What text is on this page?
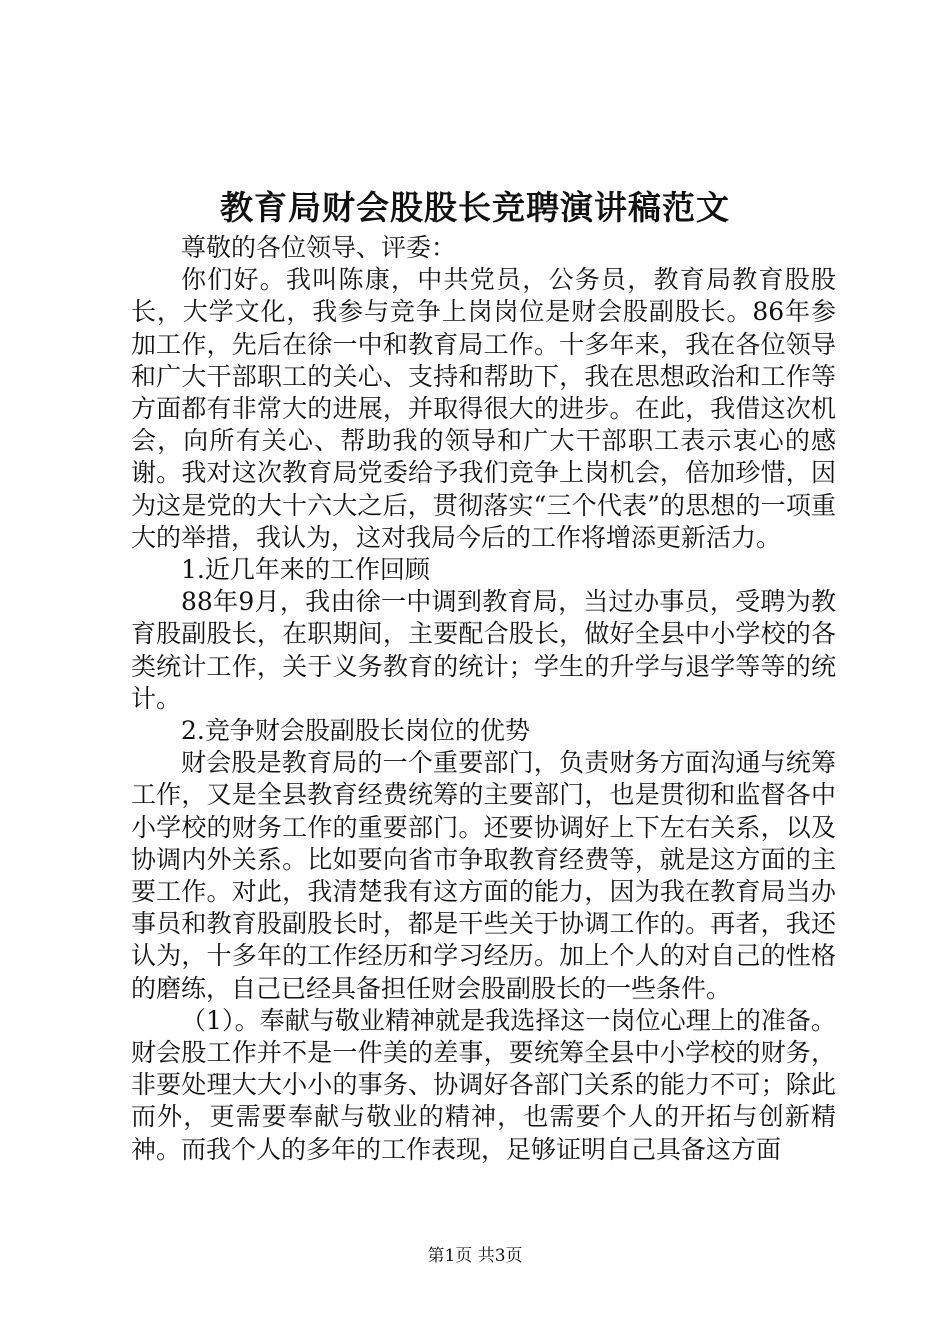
教育局财会股股长竞聘演讲稿范文

尊敬的各位领导、评委：

你们好。我叫陈康，中共党员，公务员，教育局教育股股长，大学文化，我参与竞争上岗岗位是财会股副股长。86年参加工作，先后在徐一中和教育局工作。十多年来，我在各位领导和广大干部职工的关心、支持和帮助下，我在思想政治和工作等方面都有非常大的进展，并取得很大的进步。在此，我借这次机会，向所有关心、帮助我的领导和广大干部职工表示衷心的感谢。我对这次教育局党委给予我们竞争上岗机会，倍加珍惜，因为这是党的大十六大之后，贯彻落实“三个代表”的思想的一项重大的举措，我认为，这对我局今后的工作将增添更新活力。

1.近几年来的工作回顾

88年9月，我由徐一中调到教育局，当过办事员，受聘为教育股副股长，在职期间，主要配合股长，做好全县中小学校的各类统计工作，关于义务教育的统计；学生的升学与退学等等的统计。

2.竞争财会股副股长岗位的优势

财会股是教育局的一个重要部门，负责财务方面沟通与统筹工作，又是全县教育经费统筹的主要部门，也是贯彻和监督各中小学校的财务工作的重要部门。还要协调好上下左右关系，以及协调内外关系。比如要向省市争取教育经费等，就是这方面的主要工作。对此，我清楚我有这方面的能力，因为我在教育局当办事员和教育股副股长时，都是干些关于协调工作的。再者，我还认为，十多年的工作经历和学习经历。加上个人的对自己的性格的磨练，自己已经具备担任财会股副股长的一些条件。

（1）。奉献与敬业精神就是我选择这一岗位心理上的准备。财会股工作并不是一件美的差事，要统筹全县中小学校的财务，非要处理大大小小的事务、协调好各部门关系的能力不可；除此而外，更需要奉献与敬业的精神，也需要个人的开拓与创新精神。而我个人的多年的工作表现，足够证明自己具备这方面

第1页 共3页
